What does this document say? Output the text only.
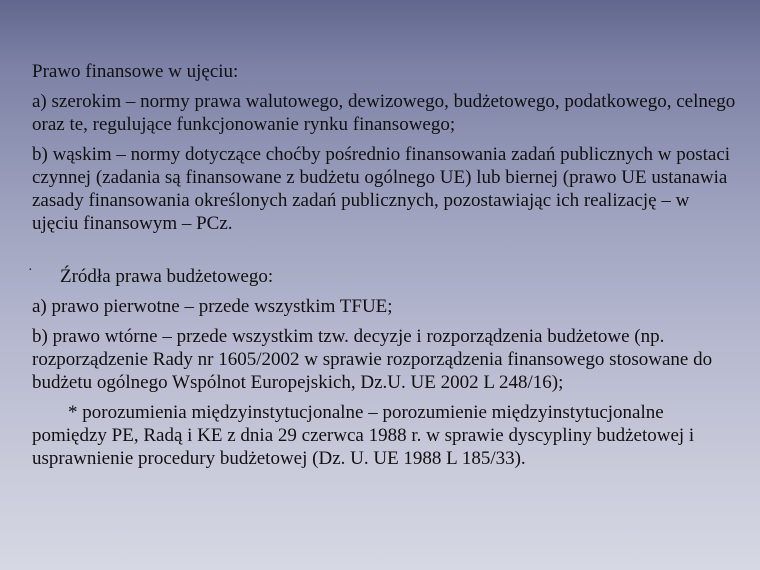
Prawo finansowe w ujęciu:

a) szerokim – normy prawa walutowego, dewizowego, budżetowego, podatkowego, celnego oraz te, regulujące funkcjonowanie rynku finansowego;

b) wąskim – normy dotyczące choćby pośrednio finansowania zadań publicznych w postaci czynnej (zadania są finansowane z budżetu ogólnego UE) lub biernej (prawo UE ustanawia zasady finansowania określonych zadań publicznych, pozostawiając ich realizację – w ujęciu finansowym – PCz.

· Źródła prawa budżetowego:

a) prawo pierwotne – przede wszystkim TFUE;

b) prawo wtórne – przede wszystkim tzw. decyzje i rozporządzenia budżetowe (np. rozporządzenie Rady nr 1605/2002 w sprawie rozporządzenia finansowego stosowane do budżetu ogólnego Wspólnot Europejskich, Dz.U. UE 2002 L 248/16);

* porozumienia międzyinstytucjonalne – porozumienie międzyinstytucjonalne pomiędzy PE, Radą i KE z dnia 29 czerwca 1988 r. w sprawie dyscypliny budżetowej i usprawnienie procedury budżetowej (Dz. U. UE 1988 L 185/33).
